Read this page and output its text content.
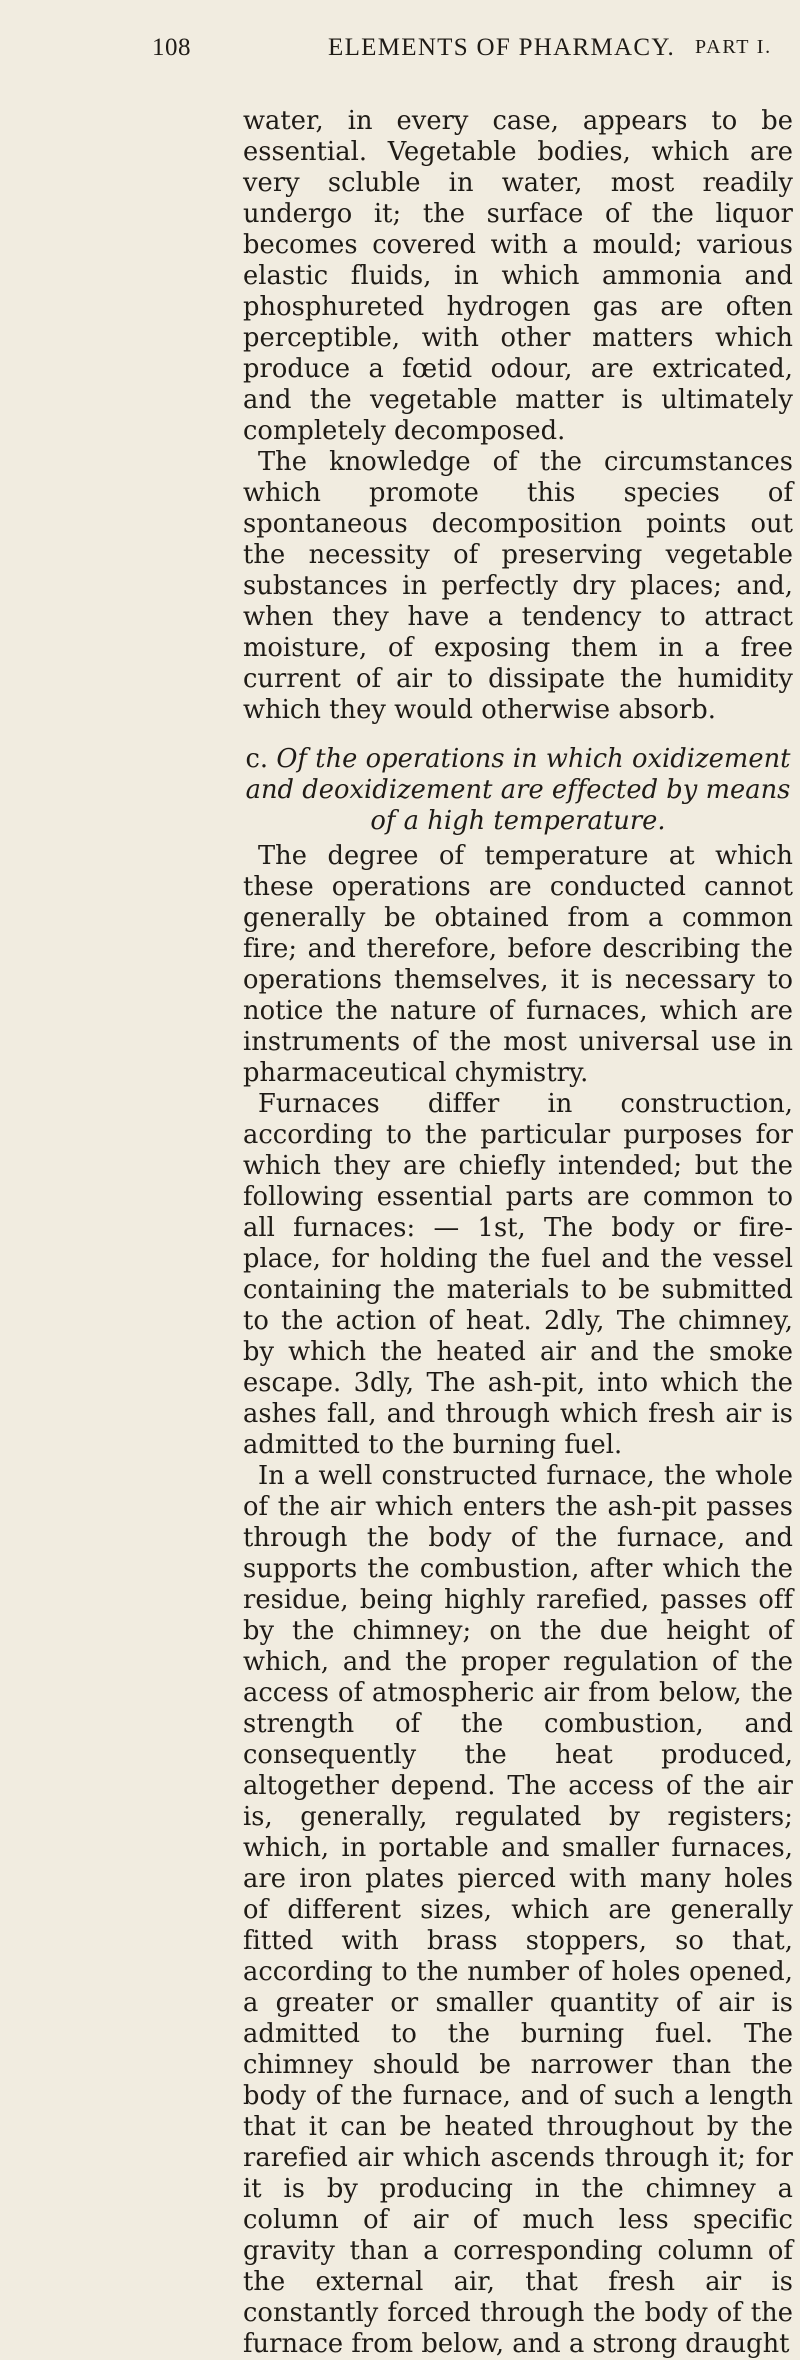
108	ELEMENTS OF PHARMACY. PART I.

water, in every case, appears to be essential. Vegetable bodies, which are very scluble in water, most readily undergo it; the surface of the liquor becomes covered with a mould; various elastic fluids, in which ammonia and phosphureted hydrogen gas are often perceptible, with other matters which produce a fœtid odour, are extricated, and the vegetable matter is ultimately completely decomposed.

The knowledge of the circumstances which promote this species of spontaneous decomposition points out the necessity of preserving vegetable substances in perfectly dry places; and, when they have a tendency to attract moisture, of exposing them in a free current of air to dissipate the humidity which they would otherwise absorb.

c. Of the operations in which oxidizement and deoxidizement are effected by means of a high temperature.

The degree of temperature at which these operations are conducted cannot generally be obtained from a common fire; and therefore, before describing the operations themselves, it is necessary to notice the nature of furnaces, which are instruments of the most universal use in pharmaceutical chymistry.

Furnaces differ in construction, according to the particular purposes for which they are chiefly intended; but the following essential parts are common to all furnaces: — 1st, The body or fire-place, for holding the fuel and the vessel containing the materials to be submitted to the action of heat. 2dly, The chimney, by which the heated air and the smoke escape. 3dly, The ash-pit, into which the ashes fall, and through which fresh air is admitted to the burning fuel.

In a well constructed furnace, the whole of the air which enters the ash-pit passes through the body of the furnace, and supports the combustion, after which the residue, being highly rarefied, passes off by the chimney; on the due height of which, and the proper regulation of the access of atmospheric air from below, the strength of the combustion, and consequently the heat produced, altogether depend. The access of the air is, generally, regulated by registers; which, in portable and smaller furnaces, are iron plates pierced with many holes of different sizes, which are generally fitted with brass stoppers, so that, according to the number of holes opened, a greater or smaller quantity of air is admitted to the burning fuel. The chimney should be narrower than the body of the furnace, and of such a length that it can be heated throughout by the rarefied air which ascends through it; for it is by producing in the chimney a column of air of much less specific gravity than a corresponding column of the external air, that fresh air is constantly forced through the body of the furnace from below, and a strong draught
